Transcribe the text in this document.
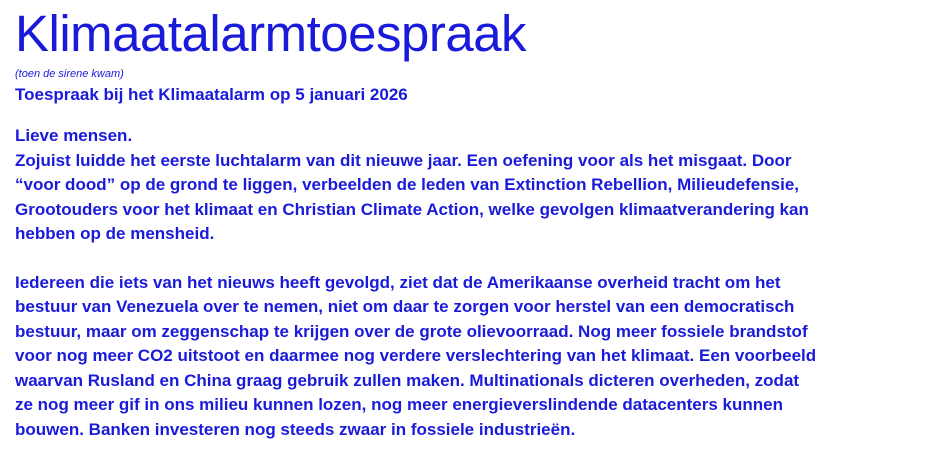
Klimaatalarmtoespraak
(toen de sirene kwam)
Toespraak bij het Klimaatalarm op 5 januari 2026

Lieve mensen.
Zojuist luidde het eerste luchtalarm van dit nieuwe jaar. Een oefening voor als het misgaat. Door
“voor dood” op de grond te liggen, verbeelden de leden van Extinction Rebellion, Milieudefensie,
Grootouders voor het klimaat en Christian Climate Action, welke gevolgen klimaatverandering kan
hebben op de mensheid.

Iedereen die iets van het nieuws heeft gevolgd, ziet dat de Amerikaanse overheid tracht om het
bestuur van Venezuela over te nemen, niet om daar te zorgen voor herstel van een democratisch
bestuur, maar om zeggenschap te krijgen over de grote olievoorraad. Nog meer fossiele brandstof
voor nog meer CO2 uitstoot en daarmee nog verdere verslechtering van het klimaat. Een voorbeeld
waarvan Rusland en China graag gebruik zullen maken. Multinationals dicteren overheden, zodat
ze nog meer gif in ons milieu kunnen lozen, nog meer energieverslindende datacenters kunnen
bouwen. Banken investeren nog steeds zwaar in fossiele industrieën.
